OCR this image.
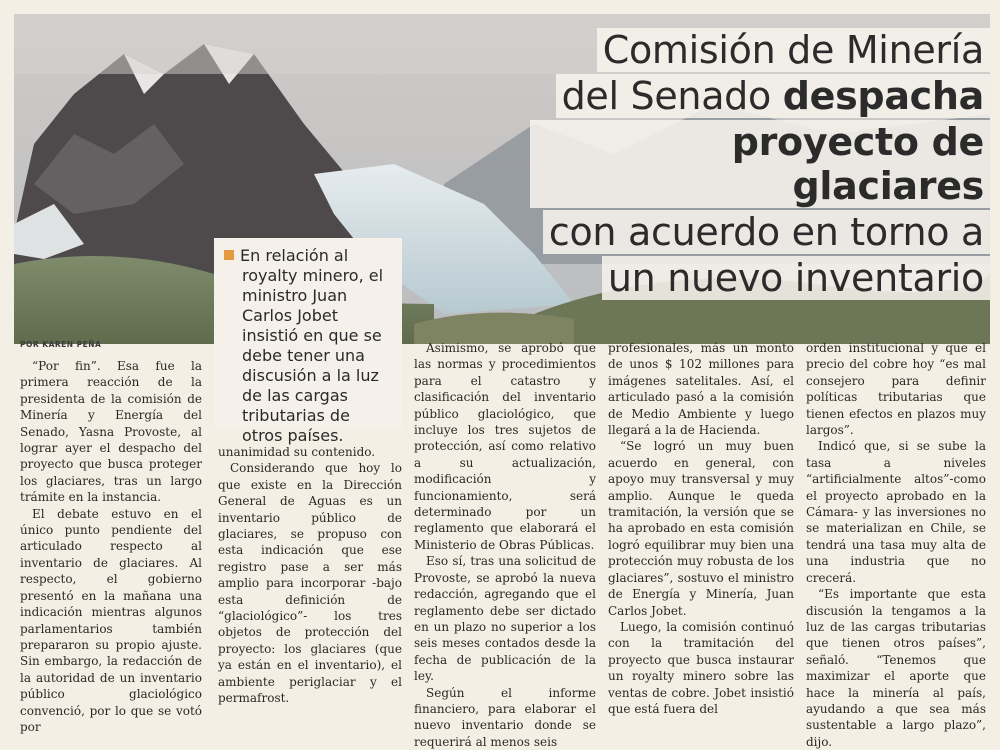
Comisión de Minería
del Senado despacha
proyecto de glaciares
con acuerdo en torno a
un nuevo inventario
En relación al royalty minero, el ministro Juan Carlos Jobet insistió en que se debe tener una discusión a la luz de las cargas tributarias de otros países.
POR KAREN PEÑA

“Por fin”. Esa fue la primera reacción de la presidenta de la comisión de Minería y Energía del Senado, Yasna Provoste, al lograr ayer el despacho del proyecto que busca proteger los glaciares, tras un largo trámite en la instancia.

El debate estuvo en el único punto pendiente del articulado respecto al inventario de glaciares. Al respecto, el gobierno presentó en la mañana una indicación mientras algunos parlamentarios también prepararon su propio ajuste. Sin embargo, la redacción de la autoridad de un inventario público glaciológico convenció, por lo que se votó por

unanimidad su contenido.

Considerando que hoy lo que existe en la Dirección General de Aguas es un inventario público de glaciares, se propuso con esta indicación que ese registro pase a ser más amplio para incorporar -bajo esta definición de “glaciológico”- los tres objetos de protección del proyecto: los glaciares (que ya están en el inventario), el ambiente periglaciar y el permafrost.

Asimismo, se aprobó que las normas y procedimientos para el catastro y clasificación del inventario público glaciológico, que incluye los tres sujetos de protección, así como relativo a su actualización, modificación y funcionamiento, será determinado por un reglamento que elaborará el Ministerio de Obras Públicas.

Eso sí, tras una solicitud de Provoste, se aprobó la nueva redacción, agregando que el reglamento debe ser dictado en un plazo no superior a los seis meses contados desde la fecha de publicación de la ley.

Según el informe financiero, para elaborar el nuevo inventario donde se requerirá al menos seis

profesionales, más un monto de unos $ 102 millones para imágenes satelitales. Así, el articulado pasó a la comisión de Medio Ambiente y luego llegará a la de Hacienda.

“Se logró un muy buen acuerdo en general, con apoyo muy transversal y muy amplio. Aunque le queda tramitación, la versión que se ha aprobado en esta comisión logró equilibrar muy bien una protección muy robusta de los glaciares”, sostuvo el ministro de Energía y Minería, Juan Carlos Jobet.

Luego, la comisión continuó con la tramitación del proyecto que busca instaurar un royalty minero sobre las ventas de cobre. Jobet insistió que está fuera del

orden institucional y que el precio del cobre hoy “es mal consejero para definir políticas tributarias que tienen efectos en plazos muy largos”.

Indicó que, si se sube la tasa a niveles “artificialmente altos”-como el proyecto aprobado en la Cámara- y las inversiones no se materializan en Chile, se tendrá una tasa muy alta de una industria que no crecerá.

“Es importante que esta discusión la tengamos a la luz de las cargas tributarias que tienen otros países”, señaló. “Tenemos que maximizar el aporte que hace la minería al país, ayudando a que sea más sustentable a largo plazo”, dijo.
